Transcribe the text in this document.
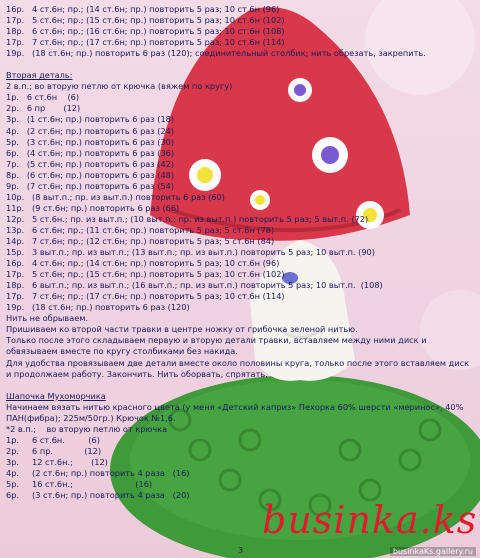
16р. 4 ст.6н; пр.; (14 ст.6н; пр.) повторить 5 раз; 10 ст.6н (96)
17р. 5 ст.6н; пр.; (15 ст.6н; пр.) повторить 5 раз; 10 ст.6н (102)
18р. 6 ст.6н; пр.; (16 ст.6н; пр.) повторить 5 раз; 10 ст.6н (108)
17р. 7 ст.6н; пр.; (17 ст.6н; пр.) повторить 5 раз; 10 ст.6н (114)
19р. (18 ст.6н; пр.) повторить 6 раз (120); соединительный столбик; нить обрезать, закрепить.
Вторая деталь:
2 в.п.; во вторую петлю от крючка (вяжем по кругу)
1р. 6 ст.6н    (6)
2р. 6 пр       (12)
3р. (1 ст.6н; пр.) повторить 6 раз (18)
4р. (2 ст.6н; пр.) повторить 6 раз (24)
5р. (3 ст.6н; пр.) повторить 6 раз (30)
6р. (4 ст.6н; пр.) повторить 6 раз (36)
7р. (5 ст.6н; пр.) повторить 6 раз (42)
8р. (6 ст.6н; пр.) повторить 6 раз (48)
9р. (7 ст.6н; пр.) повторить 6 раз (54)
10р. (8 выт.п.; пр. из выт.п.) повторить 6 раз (60)
11р. (9 ст.6н; пр.) повторить 6 раз (66)
12р. 5 ст.6н.; пр. из выт.п.; (10 выт.п.; пр. из выт.п.) повторить 5 раз; 5 выт.п. (72)
13р. 6 ст.6н; пр.; (11 ст.6н; пр.) повторить 5 раз; 5 ст.6н (78)
14р. 7 ст.6н; пр.; (12 ст.6н; пр.) повторить 5 раз; 5 ст.6н (84)
15р. 3 выт.п.; пр. из выт.п.; (13 выт.п.; пр. из выт.п.) повторить 5 раз; 10 выт.п. (90)
16р. 4 ст.6н; пр.; (14 ст.6н; пр.) повторить 5 раз; 10 ст.6н (96)
17р. 5 ст.6н; пр.; (15 ст.6н; пр.) повторить 5 раз; 10 ст.6н (102)
18р. 6 выт.п.; пр. из выт.п.; (16 выт.п.; пр. из выт.п.) повторить 5 раз; 10 выт.п.  (108)
17р. 7 ст.6н; пр.; (17 ст.6н; пр.) повторить 5 раз; 10 ст.6н (114)
19р. (18 ст.6н; пр.) повторить 6 раз (120)
Нить не обрываем.
Пришиваем ко второй части травки в центре ножку от грибочка зеленой нитью.
Только после этого складываем первую и вторую детали травки, вставляем между ними диск и обвязываем вместе по кругу столбиками без накида.
Для удобства провязываем две детали вместе около половины круга, только после этого вставляем диск и продолжаем работу. Закончить. Нить оборвать, спрятать.
Шапочка Мухоморчика
Начинаем вязать нитью красного цвета (у меня «Детский каприз» Пехорка 60% шерсти «меринос», 40% ПАН(фибра); 225м/50гр.) Крючок №1,6.
*2 в.п.;    во вторую петлю от крючка
1р. 6 ст.6н.         (6)
2р. 6 пр.            (12)
3р. 12 ст.6н.;       (12)
4р. (2 ст.6н; пр.) повторить 4 раза   (16)
5р. 16 ст.6н.;                        (16)
6р. (3 ст.6н; пр.) повторить 4 раза   (20)
businka.ks
3	businkaKs.gallery.ru
